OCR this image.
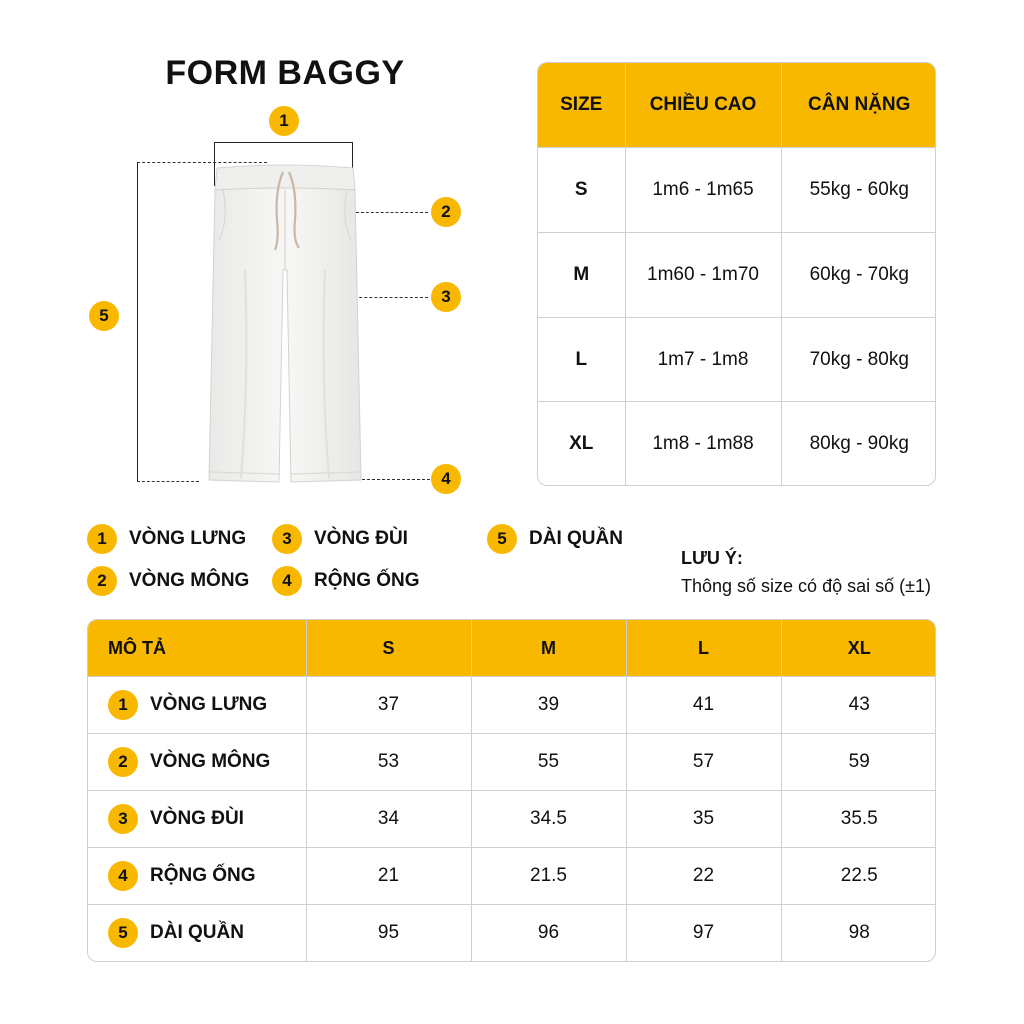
FORM BAGGY
1
5
2
3
4
SIZE	CHIỀU CAO	CÂN NẶNG
S	1m6 - 1m65	55kg - 60kg
M	1m60 - 1m70	60kg - 70kg
L	1m7 - 1m8	70kg - 80kg
XL	1m8 - 1m88	80kg - 90kg
1	VÒNG LƯNG
2	VÒNG MÔNG
3	VÒNG ĐÙI
4	RỘNG ỐNG
5	DÀI QUẦN
LƯU Ý:
Thông số size có độ sai số (±1)
MÔ TẢ	S	M	L	XL

1 VÒNG LƯNG	37	39	41	43

2 VÒNG MÔNG	53	55	57	59

3 VÒNG ĐÙI	34	34.5	35	35.5

4 RỘNG ỐNG	21	21.5	22	22.5

5 DÀI QUẦN	95	96	97	98
